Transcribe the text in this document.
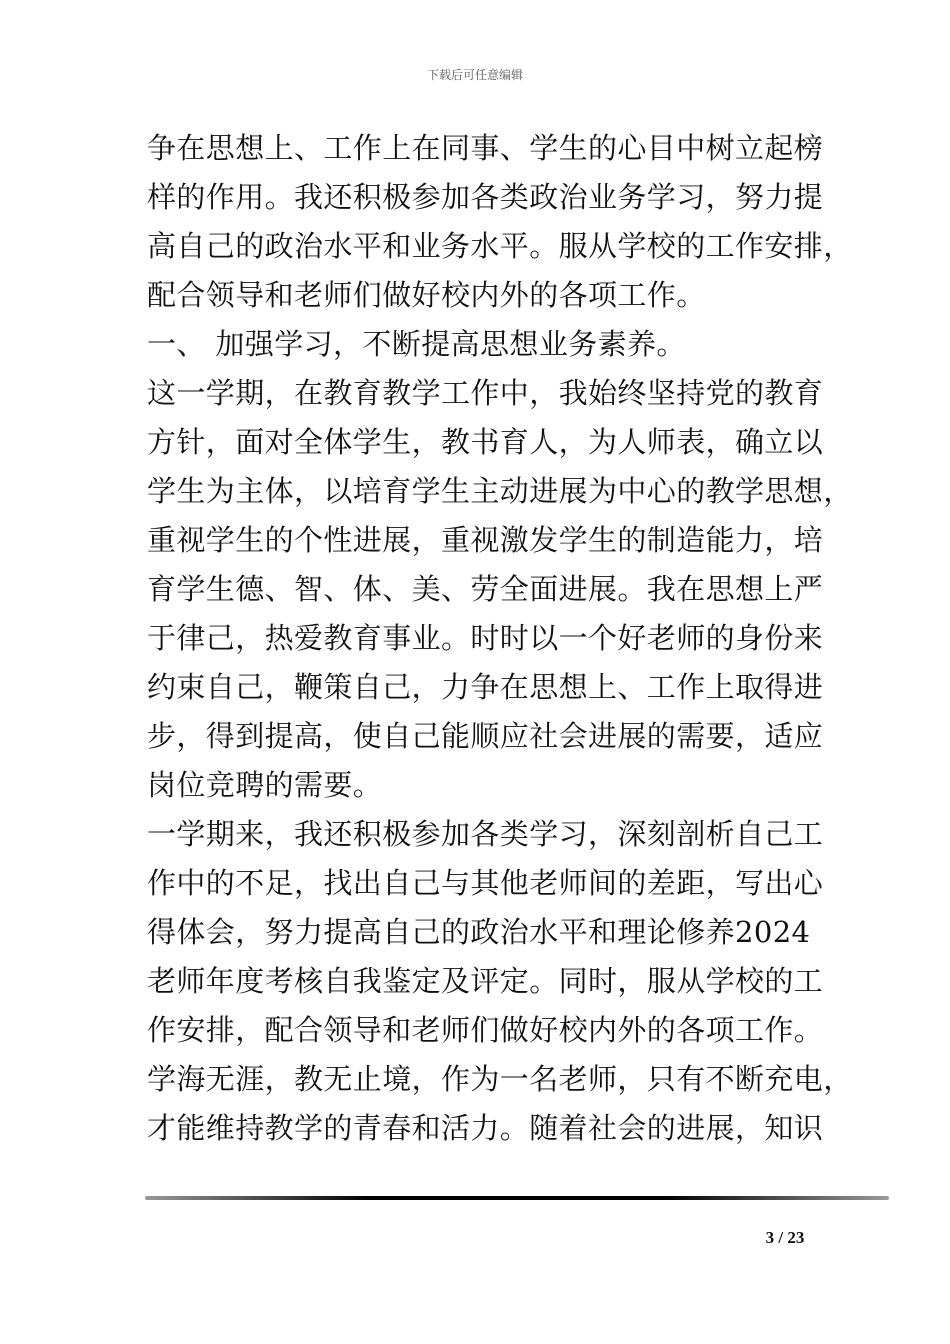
下载后可任意编辑
争在思想上、工作上在同事、学生的心目中树立起榜
样的作用。我还积极参加各类政治业务学习，努力提
高自己的政治水平和业务水平。服从学校的工作安排，
配合领导和老师们做好校内外的各项工作。
一、 加强学习，不断提高思想业务素养。
这一学期，在教育教学工作中，我始终坚持党的教育
方针，面对全体学生，教书育人，为人师表，确立以
学生为主体，以培育学生主动进展为中心的教学思想，
重视学生的个性进展，重视激发学生的制造能力，培
育学生德、智、体、美、劳全面进展。我在思想上严
于律己，热爱教育事业。时时以一个好老师的身份来
约束自己，鞭策自己，力争在思想上、工作上取得进
步，得到提高，使自己能顺应社会进展的需要，适应
岗位竞聘的需要。
一学期来，我还积极参加各类学习，深刻剖析自己工
作中的不足，找出自己与其他老师间的差距，写出心
得体会，努力提高自己的政治水平和理论修养2024
老师年度考核自我鉴定及评定。同时，服从学校的工
作安排，配合领导和老师们做好校内外的各项工作。
学海无涯，教无止境，作为一名老师，只有不断充电，
才能维持教学的青春和活力。随着社会的进展，知识
3 / 23
